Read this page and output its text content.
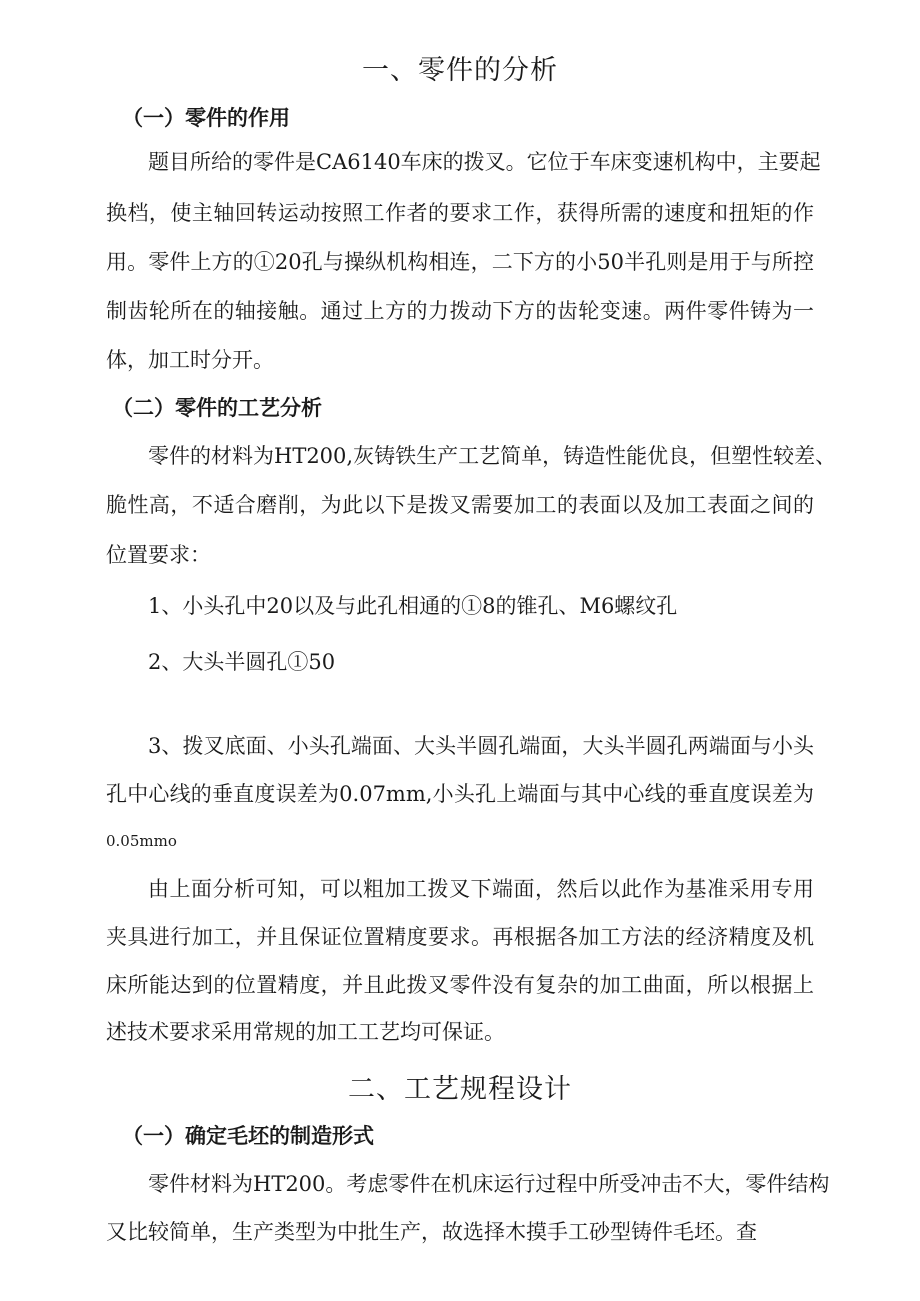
一、零件的分析
（一）零件的作用

题目所给的零件是CA6140车床的拨叉。它位于车床变速机构中，主要起

换档，使主轴回转运动按照工作者的要求工作，获得所需的速度和扭矩的作

用。零件上方的①20孔与操纵机构相连，二下方的小50半孔则是用于与所控

制齿轮所在的轴接触。通过上方的力拨动下方的齿轮变速。两件零件铸为一

体，加工时分开。

（二）零件的工艺分析

零件的材料为HT200,灰铸铁生产工艺简单，铸造性能优良，但塑性较差、

脆性高，不适合磨削，为此以下是拨叉需要加工的表面以及加工表面之间的

位置要求：

1、小头孔中20以及与此孔相通的①8的锥孔、M6螺纹孔

2、大头半圆孔①50

3、拨叉底面、小头孔端面、大头半圆孔端面，大头半圆孔两端面与小头

孔中心线的垂直度误差为0.07mm,小头孔上端面与其中心线的垂直度误差为

0.05mmo

由上面分析可知，可以粗加工拨叉下端面，然后以此作为基准采用专用

夹具进行加工，并且保证位置精度要求。再根据各加工方法的经济精度及机

床所能达到的位置精度，并且此拨叉零件没有复杂的加工曲面，所以根据上

述技术要求采用常规的加工工艺均可保证。

二、工艺规程设计
（一）确定毛坯的制造形式

零件材料为HT200。考虑零件在机床运行过程中所受冲击不大，零件结构

又比较简单，生产类型为中批生产，故选择木摸手工砂型铸件毛坯。查
